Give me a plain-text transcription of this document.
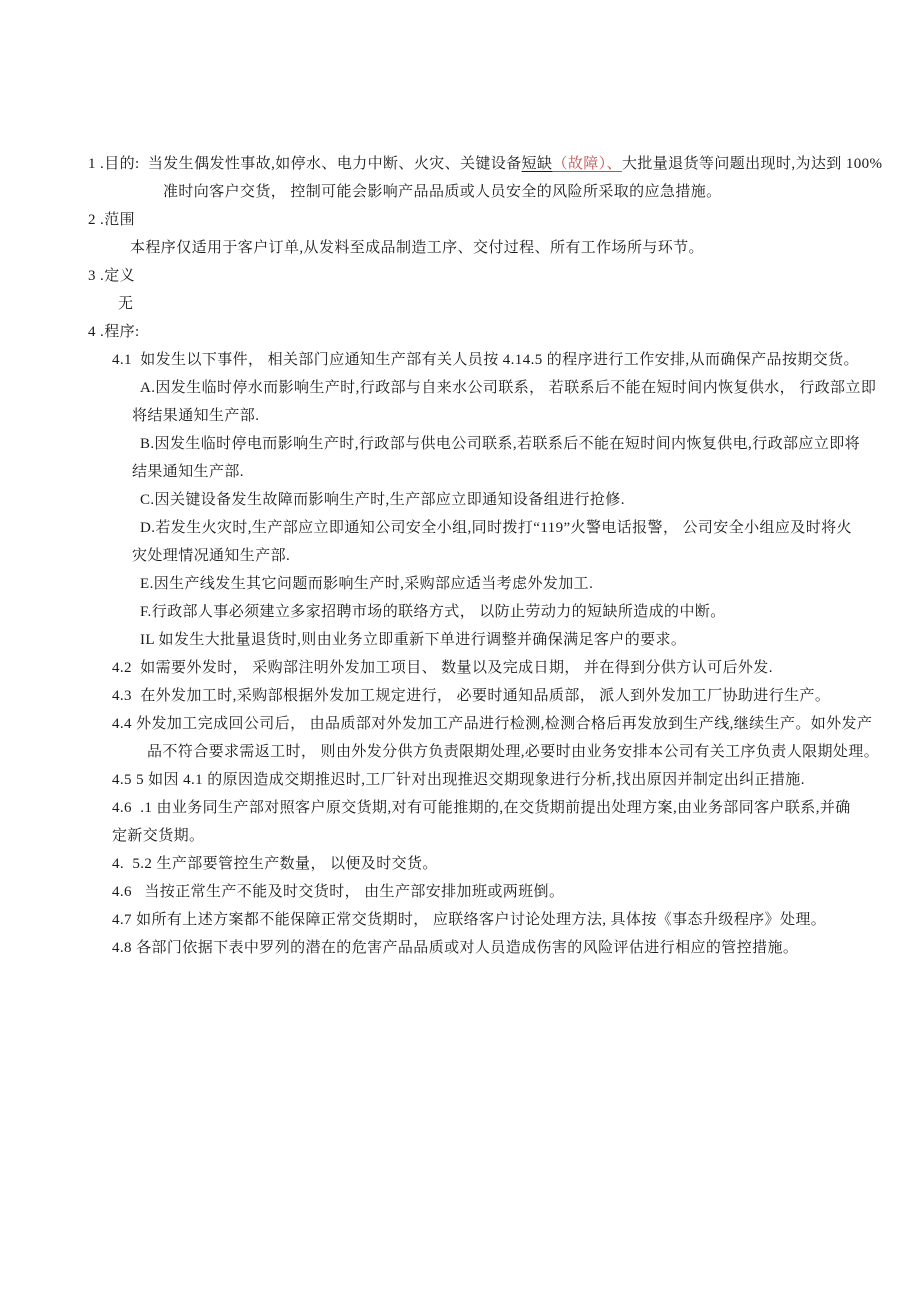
1 .目的:  当发生偶发性事故,如停水、电力中断、火灾、关键设备短缺（故障）、大批量退货等问题出现时,为达到 100%
准时向客户交货， 控制可能会影响产品品质或人员安全的风险所采取的应急措施。
2 .范围
本程序仅适用于客户订单,从发料至成品制造工序、交付过程、所有工作场所与环节。
3 .定义
无
4 .程序:
4.1  如发生以下事件， 相关部门应通知生产部有关人员按 4.14.5 的程序进行工作安排,从而确保产品按期交货。
A.因发生临时停水而影响生产时,行政部与自来水公司联系， 若联系后不能在短时间内恢复供水， 行政部立即
将结果通知生产部.
B.因发生临时停电而影响生产时,行政部与供电公司联系,若联系后不能在短时间内恢复供电,行政部应立即将
结果通知生产部.
C.因关键设备发生故障而影响生产时,生产部应立即通知设备组进行抢修.
D.若发生火灾时,生产部应立即通知公司安全小组,同时拨打“119”火警电话报警， 公司安全小组应及时将火
灾处理情况通知生产部.
E.因生产线发生其它问题而影响生产时,采购部应适当考虑外发加工.
F.行政部人事必须建立多家招聘市场的联络方式， 以防止劳动力的短缺所造成的中断。
IL 如发生大批量退货时,则由业务立即重新下单进行调整并确保满足客户的要求。
4.2  如需要外发时， 采购部注明外发加工项目、 数量以及完成日期， 并在得到分供方认可后外发.
4.3  在外发加工时,采购部根据外发加工规定进行， 必要时通知品质部， 派人到外发加工厂协助进行生产。
4.4 外发加工完成回公司后， 由品质部对外发加工产品进行检测,检测合格后再发放到生产线,继续生产。如外发产
品不符合要求需返工时， 则由外发分供方负责限期处理,必要时由业务安排本公司有关工序负责人限期处理。
4.5 5 如因 4.1 的原因造成交期推迟时,工厂针对出现推迟交期现象进行分析,找出原因并制定出纠正措施.
4.6  .1 由业务同生产部对照客户原交货期,对有可能推期的,在交货期前提出处理方案,由业务部同客户联系,并确
定新交货期。
4.  5.2 生产部要管控生产数量， 以便及时交货。
4.6   当按正常生产不能及时交货时， 由生产部安排加班或两班倒。
4.7 如所有上述方案都不能保障正常交货期时， 应联络客户讨论处理方法, 具体按《事态升级程序》处理。
4.8 各部门依据下表中罗列的潜在的危害产品品质或对人员造成伤害的风险评估进行相应的管控措施。
